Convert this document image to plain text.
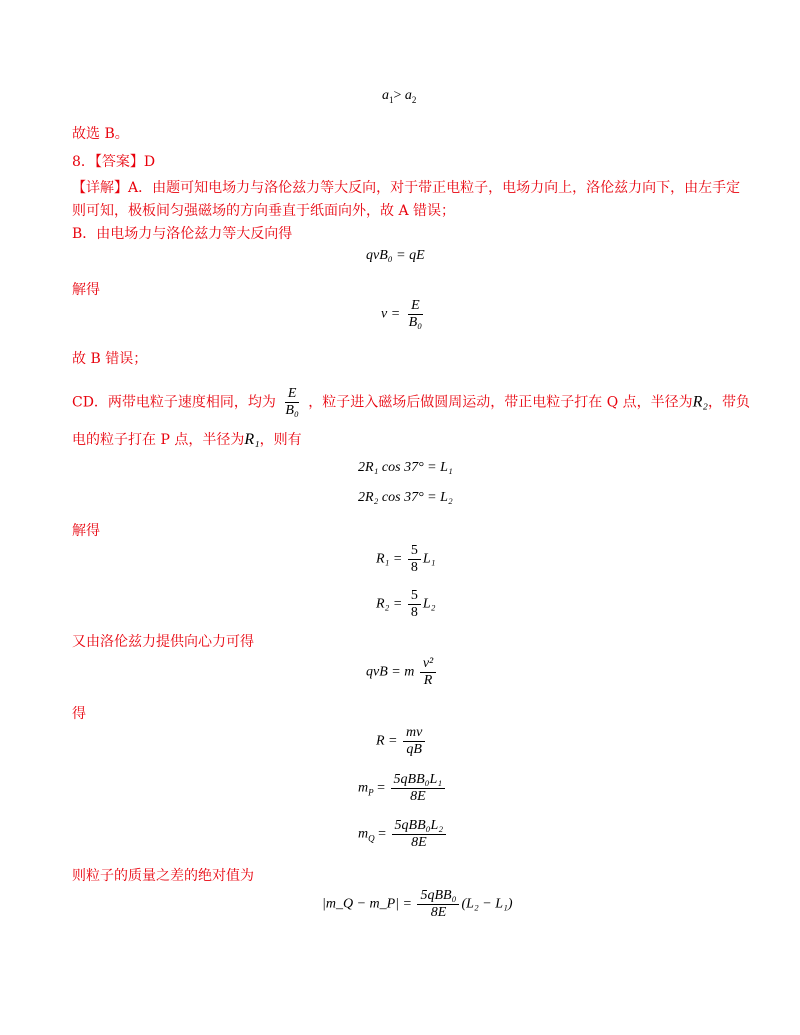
$a_1> a_2$
故选 B。
8．【答案】D
【详解】A．由题可知电场力与洛伦兹力等大反向，对于带正电粒子，电场力向上，洛伦兹力向下，由左手定
则可知，极板间匀强磁场的方向垂直于纸面向外，故 A 错误；
B．由电场力与洛伦兹力等大反向得
qvB₀ = qE
解得
$v = \frac{E}{\text{B₀}}$
故 B 错误；
CD．两带电粒子速度相同，均为 $\frac{E}{\text{B₀}}$ ，粒子进入磁场后做圆周运动，带正电粒子打在 Q 点，半径为R₂，带负
电的粒子打在 P 点，半径为R₁，则有
2R₁ cos 37° = L₁
2R₂ cos 37° = L₂
解得
$R_1 = \frac{5}{8} L_1$
$R_2 = \frac{5}{8} L_2$
又由洛伦兹力提供向心力可得
qvB = m $\frac{\text{v²}}{R}$
得
$R = \frac{mv}{qB}$
$m_P = \frac{\text{5qBB₀L₁}}{8E}$
$m_Q = \frac{\text{5qBB₀L₂}}{8E}$
则粒子的质量之差的绝对值为
|m_Q − m_P| = $\frac{\text{5qBB₀}}{8E} (L_2 - L_1)$
